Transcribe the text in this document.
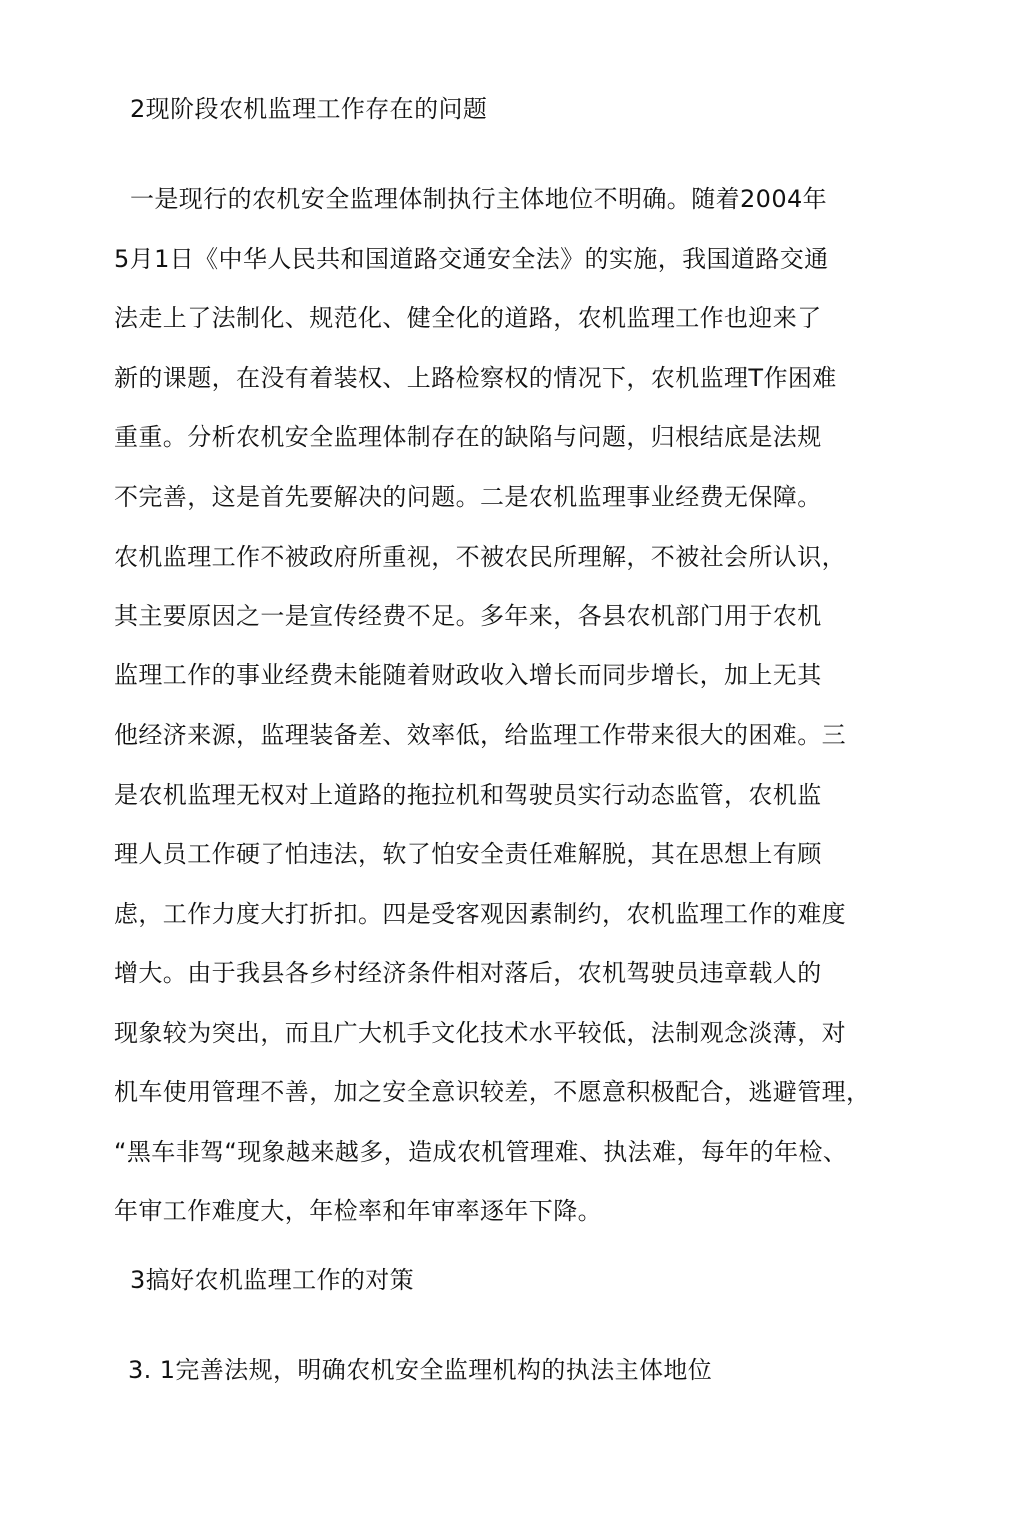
2现阶段农机监理工作存在的问题
一是现行的农机安全监理体制执行主体地位不明确。随着2004年
5月1日《中华人民共和国道路交通安全法》的实施，我国道路交通
法走上了法制化、规范化、健全化的道路，农机监理工作也迎来了
新的课题，在没有着装权、上路检察权的情况下，农机监理T作困难
重重。分析农机安全监理体制存在的缺陷与问题，归根结底是法规
不完善，这是首先要解决的问题。二是农机监理事业经费无保障。
农机监理工作不被政府所重视，不被农民所理解，不被社会所认识，
其主要原因之一是宣传经费不足。多年来，各县农机部门用于农机
监理工作的事业经费未能随着财政收入增长而同步增长，加上无其
他经济来源，监理装备差、效率低，给监理工作带来很大的困难。三
是农机监理无权对上道路的拖拉机和驾驶员实行动态监管，农机监
理人员工作硬了怕违法，软了怕安全责任难解脱，其在思想上有顾
虑，工作力度大打折扣。四是受客观因素制约，农机监理工作的难度
增大。由于我县各乡村经济条件相对落后，农机驾驶员违章载人的
现象较为突出，而且广大机手文化技术水平较低，法制观念淡薄，对
机车使用管理不善，加之安全意识较差，不愿意积极配合，逃避管理，
“黑车非驾“现象越来越多，造成农机管理难、执法难，每年的年检、
年审工作难度大，年检率和年审率逐年下降。
3搞好农机监理工作的对策
3. 1完善法规，明确农机安全监理机构的执法主体地位
